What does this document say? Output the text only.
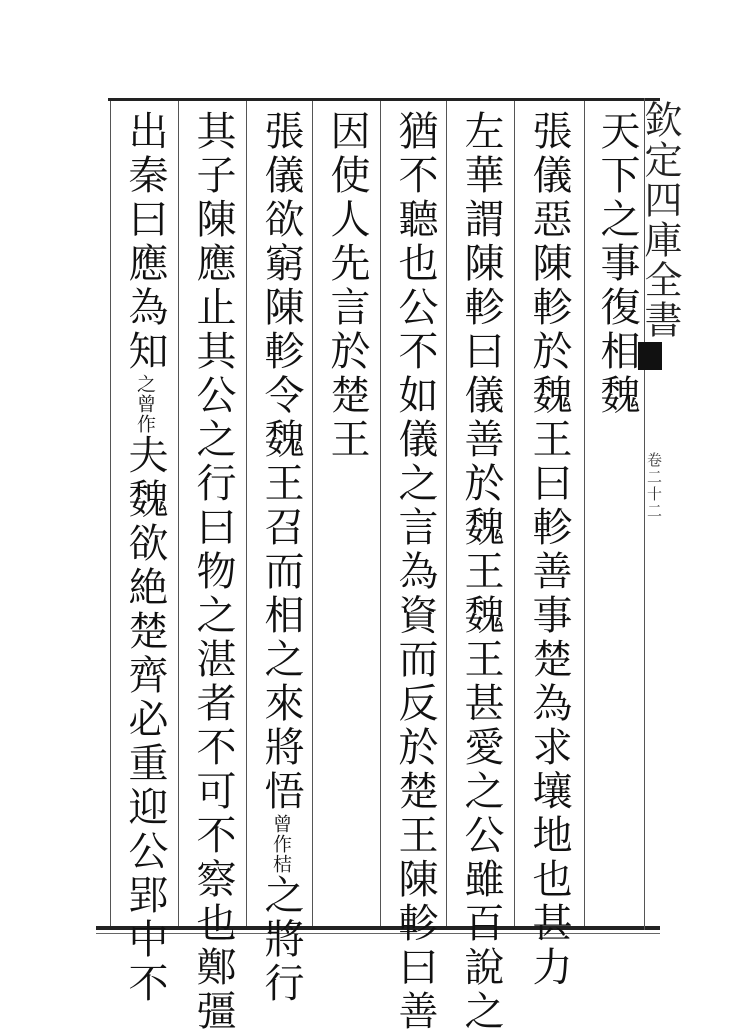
欽定四庫全書
卷二十二
天下之事復相魏
張儀惡陳軫於魏王曰軫善事楚為求壤地也甚力
左華謂陳軫曰儀善於魏王魏王甚愛之公雖百說之
猶不聽也公不如儀之言為資而反於楚王陳軫曰善
因使人先言於楚王
張儀欲窮陳軫令魏王召而相之來將悟曾作桔之將行
其子陳應止其公之行曰物之湛者不可不察也鄭彊
出秦曰應為知之曾作夫魏欲絶楚齊必重迎公郢中不
